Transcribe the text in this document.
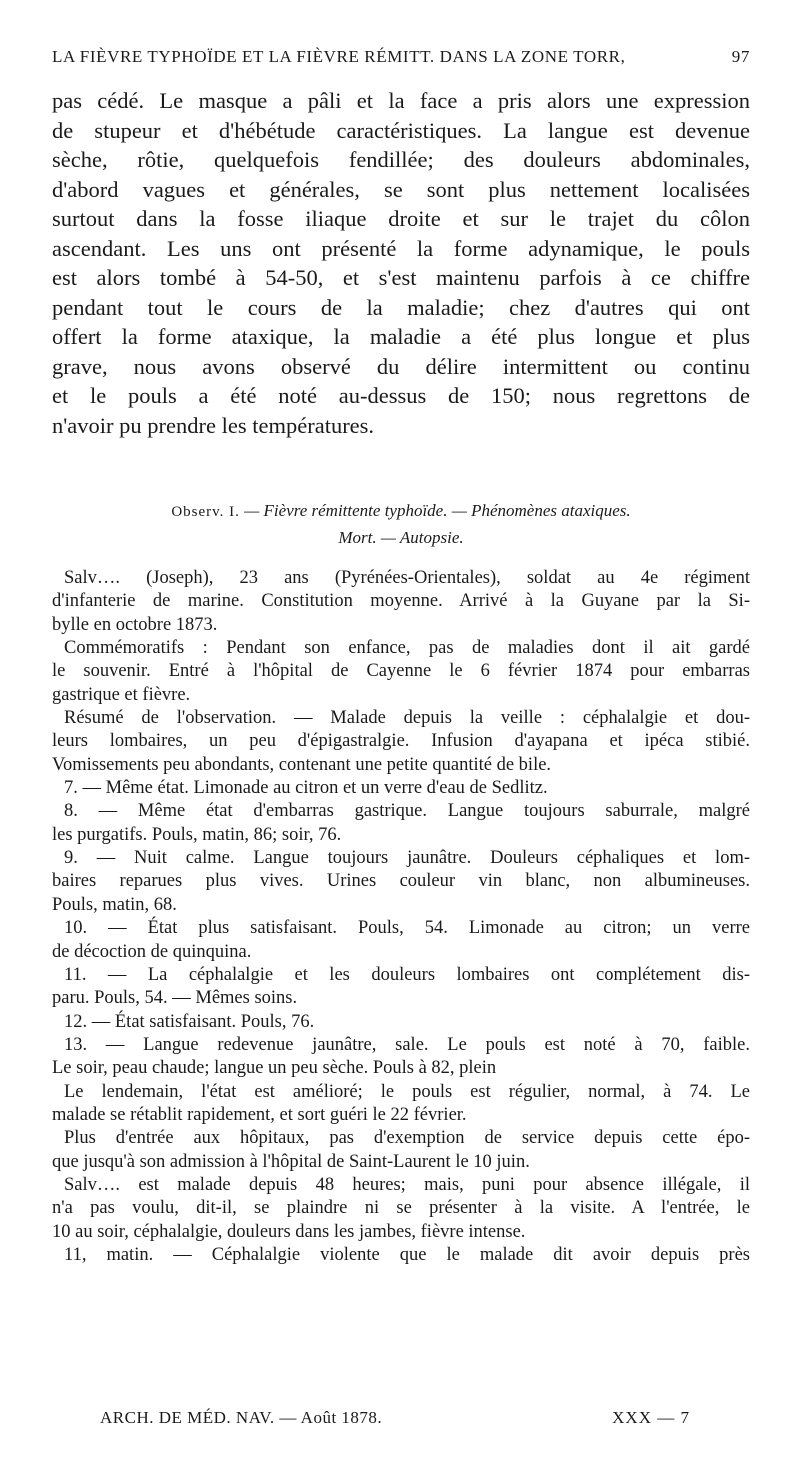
LA FIÈVRE TYPHOÏDE ET LA FIÈVRE RÉMITT. DANS LA ZONE TORR,	97
pas cédé. Le masque a pâli et la face a pris alors une expression
de stupeur et d'hébétude caractéristiques. La langue est devenue
sèche, rôtie, quelquefois fendillée; des douleurs abdominales,
d'abord vagues et générales, se sont plus nettement localisées
surtout dans la fosse iliaque droite et sur le trajet du côlon
ascendant. Les uns ont présenté la forme adynamique, le pouls
est alors tombé à 54-50, et s'est maintenu parfois à ce chiffre
pendant tout le cours de la maladie; chez d'autres qui ont
offert la forme ataxique, la maladie a été plus longue et plus
grave, nous avons observé du délire intermittent ou continu
et le pouls a été noté au-dessus de 150; nous regrettons de
n'avoir pu prendre les températures.
Observ. I. — Fièvre rémittente typhoïde. — Phénomènes ataxiques.
Mort. — Autopsie.
Salv…. (Joseph), 23 ans (Pyrénées-Orientales), soldat au 4e régiment
d'infanterie de marine. Constitution moyenne. Arrivé à la Guyane par la Si-
bylle en octobre 1873.
Commémoratifs : Pendant son enfance, pas de maladies dont il ait gardé
le souvenir. Entré à l'hôpital de Cayenne le 6 février 1874 pour embarras
gastrique et fièvre.
Résumé de l'observation. — Malade depuis la veille : céphalalgie et dou-
leurs lombaires, un peu d'épigastralgie. Infusion d'ayapana et ipéca stibié.
Vomissements peu abondants, contenant une petite quantité de bile.
7. — Même état. Limonade au citron et un verre d'eau de Sedlitz.
8. — Même état d'embarras gastrique. Langue toujours saburrale, malgré
les purgatifs. Pouls, matin, 86; soir, 76.
9. — Nuit calme. Langue toujours jaunâtre. Douleurs céphaliques et lom-
baires reparues plus vives. Urines couleur vin blanc, non albumineuses.
Pouls, matin, 68.
10. — État plus satisfaisant. Pouls, 54. Limonade au citron; un verre
de décoction de quinquina.
11. — La céphalalgie et les douleurs lombaires ont complétement dis-
paru. Pouls, 54. — Mêmes soins.
12. — État satisfaisant. Pouls, 76.
13. — Langue redevenue jaunâtre, sale. Le pouls est noté à 70, faible.
Le soir, peau chaude; langue un peu sèche. Pouls à 82, plein
Le lendemain, l'état est amélioré; le pouls est régulier, normal, à 74. Le
malade se rétablit rapidement, et sort guéri le 22 février.
Plus d'entrée aux hôpitaux, pas d'exemption de service depuis cette épo-
que jusqu'à son admission à l'hôpital de Saint-Laurent le 10 juin.
Salv…. est malade depuis 48 heures; mais, puni pour absence illégale, il
n'a pas voulu, dit-il, se plaindre ni se présenter à la visite. A l'entrée, le
10 au soir, céphalalgie, douleurs dans les jambes, fièvre intense.
11, matin. — Céphalalgie violente que le malade dit avoir depuis près
ARCH. DE MÉD. NAV. — Août 1878.	XXX — 7
